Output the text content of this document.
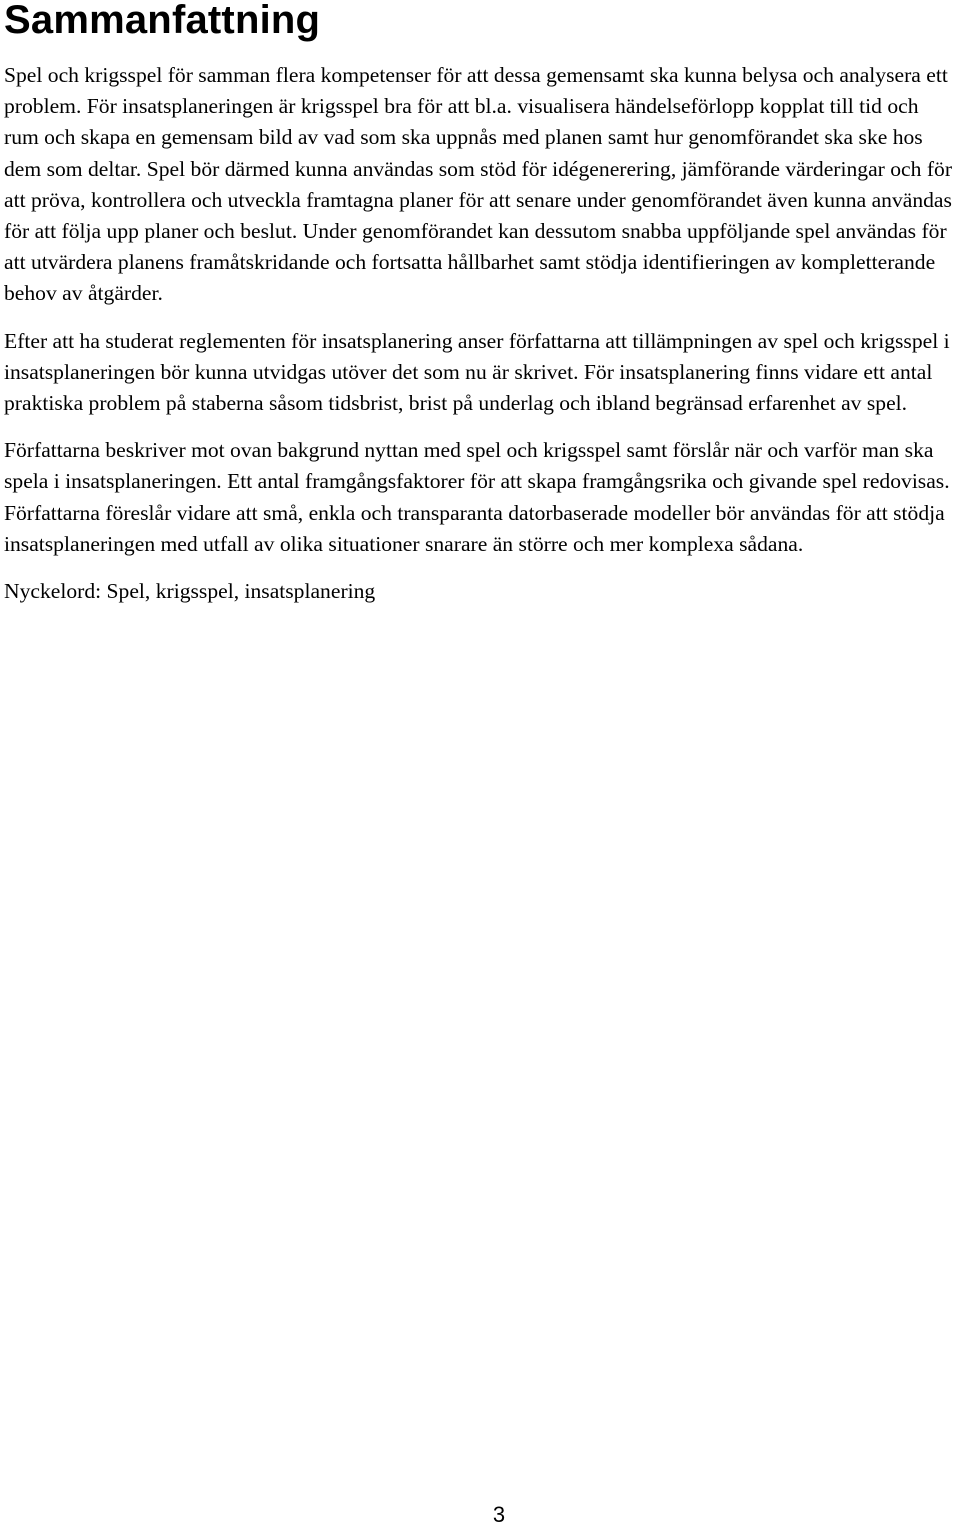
Sammanfattning

Spel och krigsspel för samman flera kompetenser för att dessa gemensamt ska kunna belysa och analysera ett problem. För insatsplaneringen är krigsspel bra för att bl.a. visualisera händelseförlopp kopplat till tid och rum och skapa en gemensam bild av vad som ska uppnås med planen samt hur genomförandet ska ske hos dem som deltar. Spel bör därmed kunna användas som stöd för idégenerering, jämförande värderingar och för att pröva, kontrollera och utveckla framtagna planer för att senare under genomförandet även kunna användas för att följa upp planer och beslut. Under genomförandet kan dessutom snabba uppföljande spel användas för att utvärdera planens framåtskridande och fortsatta hållbarhet samt stödja identifieringen av kompletterande behov av åtgärder.

Efter att ha studerat reglementen för insatsplanering anser författarna att tillämpningen av spel och krigsspel i insatsplaneringen bör kunna utvidgas utöver det som nu är skrivet. För insatsplanering finns vidare ett antal praktiska problem på staberna såsom tidsbrist, brist på underlag och ibland begränsad erfarenhet av spel.

Författarna beskriver mot ovan bakgrund nyttan med spel och krigsspel samt förslår när och varför man ska spela i insatsplaneringen. Ett antal framgångsfaktorer för att skapa framgångsrika och givande spel redovisas. Författarna föreslår vidare att små, enkla och transparanta datorbaserade modeller bör användas för att stödja insatsplaneringen med utfall av olika situationer snarare än större och mer komplexa sådana.

Nyckelord: Spel, krigsspel, insatsplanering

3
